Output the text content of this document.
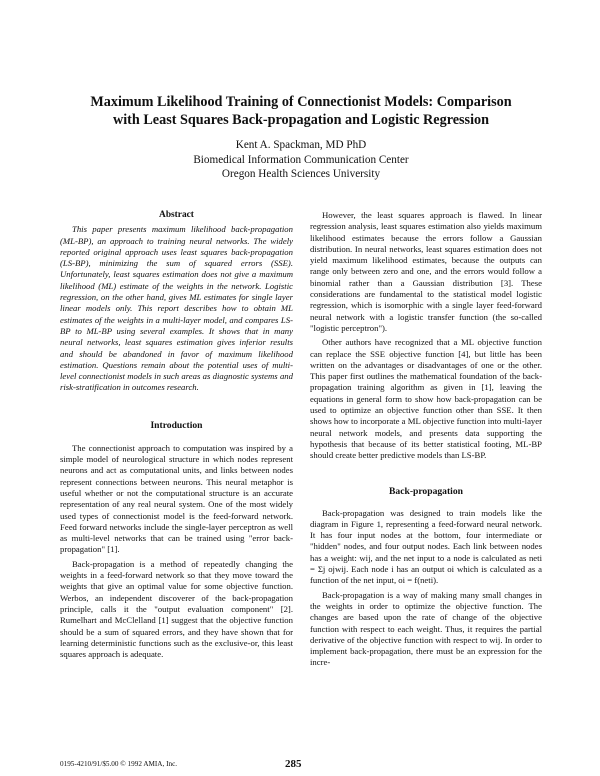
Maximum Likelihood Training of Connectionist Models: Comparison
with Least Squares Back-propagation and Logistic Regression
Kent A. Spackman, MD PhD
Biomedical Information Communication Center
Oregon Health Sciences University
Abstract

This paper presents maximum likelihood back-propagation (ML-BP), an approach to training neural networks. The widely reported original approach uses least squares back-propagation (LS-BP), minimizing the sum of squared errors (SSE). Unfortunately, least squares estimation does not give a maximum likelihood (ML) estimate of the weights in the network. Logistic regression, on the other hand, gives ML estimates for single layer linear models only. This report describes how to obtain ML estimates of the weights in a multi-layer model, and compares LS-BP to ML-BP using several examples. It shows that in many neural networks, least squares estimation gives inferior results and should be abandoned in favor of maximum likelihood estimation. Questions remain about the potential uses of multi-level connectionist models in such areas as diagnostic systems and risk-stratification in outcomes research.

Introduction

The connectionist approach to computation was inspired by a simple model of neurological structure in which nodes represent neurons and act as computational units, and links between nodes represent connections between neurons. This neural metaphor is useful whether or not the computational structure is an accurate representation of any real neural system. One of the most widely used types of connectionist model is the feed-forward network. Feed forward networks include the single-layer perceptron as well as multi-level networks that can be trained using "error back-propagation" [1].

Back-propagation is a method of repeatedly changing the weights in a feed-forward network so that they move toward the weights that give an optimal value for some objective function. Werbos, an independent discoverer of the back-propagation principle, calls it the "output evaluation component" [2]. Rumelhart and McClelland [1] suggest that the objective function should be a sum of squared errors, and they have shown that for learning deterministic functions such as the exclusive-or, this least squares approach is adequate.

However, the least squares approach is flawed. In linear regression analysis, least squares estimation also yields maximum likelihood estimates because the errors follow a Gaussian distribution. In neural networks, least squares estimation does not yield maximum likelihood estimates, because the outputs can range only between zero and one, and the errors would follow a binomial rather than a Gaussian distribution [3]. These considerations are fundamental to the statistical model logistic regression, which is isomorphic with a single layer feed-forward neural network with a logistic transfer function (the so-called "logistic perceptron").

Other authors have recognized that a ML objective function can replace the SSE objective function [4], but little has been written on the advantages or disadvantages of one or the other. This paper first outlines the mathematical foundation of the back-propagation training algorithm as given in [1], leaving the equations in general form to show how back-propagation can be used to optimize an objective function other than SSE. It then shows how to incorporate a ML objective function into multi-layer neural network models, and presents data supporting the hypothesis that because of its better statistical footing, ML-BP should create better predictive models than LS-BP.

Back-propagation

Back-propagation was designed to train models like the diagram in Figure 1, representing a feed-forward neural network. It has four input nodes at the bottom, four intermediate or "hidden" nodes, and four output nodes. Each link between nodes has a weight: wij, and the net input to a node is calculated as neti = Σj ojwij. Each node i has an output oi which is calculated as a function of the net input, oi = f(neti).

Back-propagation is a way of making many small changes in the weights in order to optimize the objective function. The changes are based upon the rate of change of the objective function with respect to each weight. Thus, it requires the partial derivative of the objective function with respect to wij. In order to implement back-propagation, there must be an expression for the incre-

0195-4210/91/$5.00 © 1992 AMIA, Inc.	285
